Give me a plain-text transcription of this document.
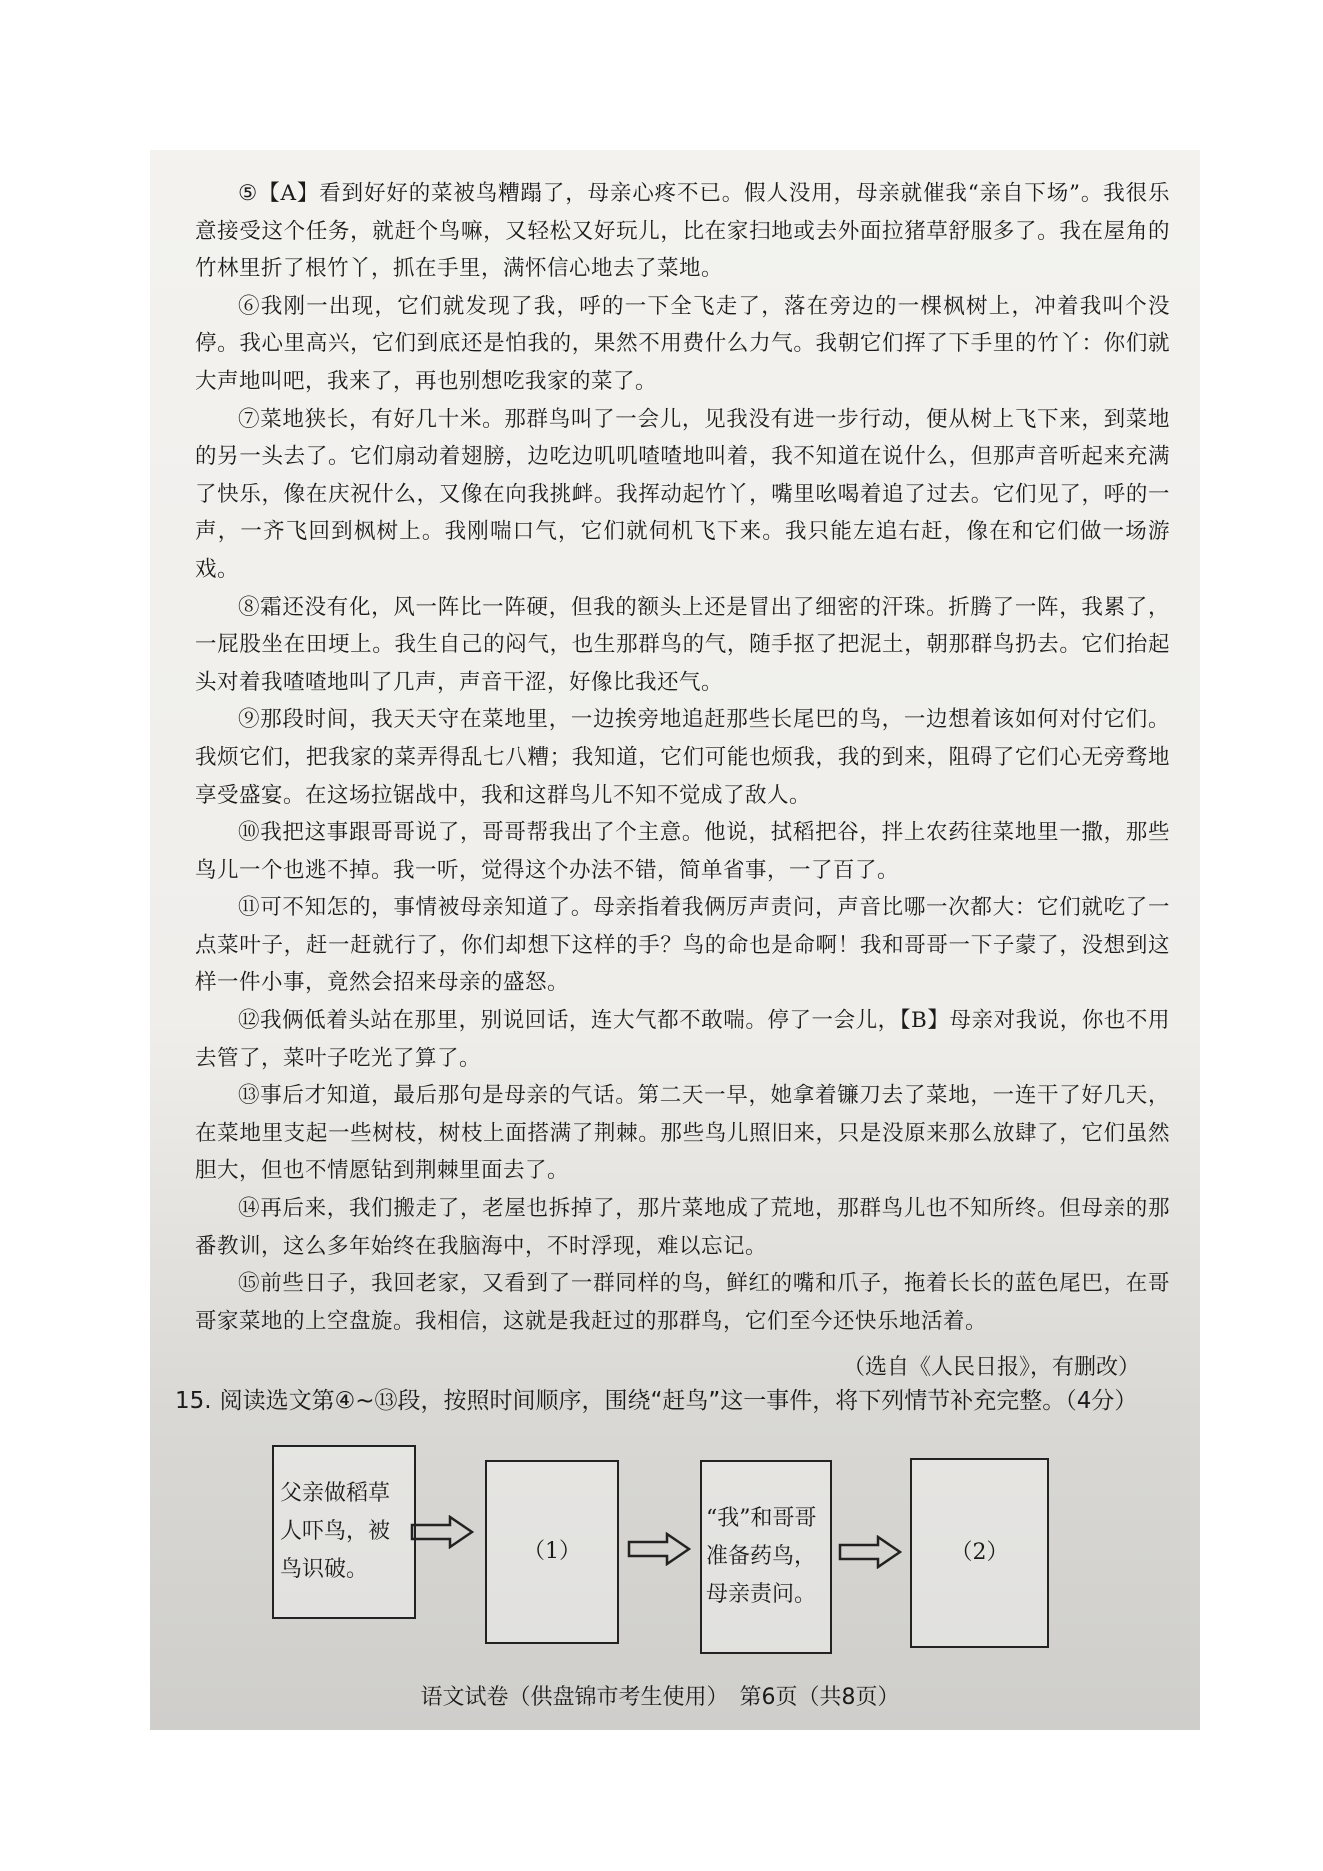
⑤【A】看到好好的菜被鸟糟蹋了，母亲心疼不已。假人没用，母亲就催我“亲自下场”。我很乐意接受这个任务，就赶个鸟嘛，又轻松又好玩儿，比在家扫地或去外面拉猪草舒服多了。我在屋角的竹林里折了根竹丫，抓在手里，满怀信心地去了菜地。

⑥我刚一出现，它们就发现了我，呼的一下全飞走了，落在旁边的一棵枫树上，冲着我叫个没停。我心里高兴，它们到底还是怕我的，果然不用费什么力气。我朝它们挥了下手里的竹丫：你们就大声地叫吧，我来了，再也别想吃我家的菜了。

⑦菜地狭长，有好几十米。那群鸟叫了一会儿，见我没有进一步行动，便从树上飞下来，到菜地的另一头去了。它们扇动着翅膀，边吃边叽叽喳喳地叫着，我不知道在说什么，但那声音听起来充满了快乐，像在庆祝什么，又像在向我挑衅。我挥动起竹丫，嘴里吆喝着追了过去。它们见了，呼的一声，一齐飞回到枫树上。我刚喘口气，它们就伺机飞下来。我只能左追右赶，像在和它们做一场游戏。

⑧霜还没有化，风一阵比一阵硬，但我的额头上还是冒出了细密的汗珠。折腾了一阵，我累了，一屁股坐在田埂上。我生自己的闷气，也生那群鸟的气，随手抠了把泥土，朝那群鸟扔去。它们抬起头对着我喳喳地叫了几声，声音干涩，好像比我还气。

⑨那段时间，我天天守在菜地里，一边挨旁地追赶那些长尾巴的鸟，一边想着该如何对付它们。我烦它们，把我家的菜弄得乱七八糟；我知道，它们可能也烦我，我的到来，阻碍了它们心无旁骛地享受盛宴。在这场拉锯战中，我和这群鸟儿不知不觉成了敌人。

⑩我把这事跟哥哥说了，哥哥帮我出了个主意。他说，拭稻把谷，拌上农药往菜地里一撒，那些鸟儿一个也逃不掉。我一听，觉得这个办法不错，简单省事，一了百了。

⑪可不知怎的，事情被母亲知道了。母亲指着我俩厉声责问，声音比哪一次都大：它们就吃了一点菜叶子，赶一赶就行了，你们却想下这样的手？鸟的命也是命啊！我和哥哥一下子蒙了，没想到这样一件小事，竟然会招来母亲的盛怒。

⑫我俩低着头站在那里，别说回话，连大气都不敢喘。停了一会儿，【B】母亲对我说，你也不用去管了，菜叶子吃光了算了。

⑬事后才知道，最后那句是母亲的气话。第二天一早，她拿着镰刀去了菜地，一连干了好几天，在菜地里支起一些树枝，树枝上面搭满了荆棘。那些鸟儿照旧来，只是没原来那么放肆了，它们虽然胆大，但也不情愿钻到荆棘里面去了。

⑭再后来，我们搬走了，老屋也拆掉了，那片菜地成了荒地，那群鸟儿也不知所终。但母亲的那番教训，这么多年始终在我脑海中，不时浮现，难以忘记。

⑮前些日子，我回老家，又看到了一群同样的鸟，鲜红的嘴和爪子，拖着长长的蓝色尾巴，在哥哥家菜地的上空盘旋。我相信，这就是我赶过的那群鸟，它们至今还快乐地活着。

（选自《人民日报》，有删改）
15. 阅读选文第④~⑬段，按照时间顺序，围绕“赶鸟”这一事件，将下列情节补充完整。（4分）
父亲做稻草人吓鸟，被鸟识破。
（1）
“我”和哥哥准备药鸟，母亲责问。
（2）
语文试卷（供盘锦市考生使用）　第6页（共8页）
